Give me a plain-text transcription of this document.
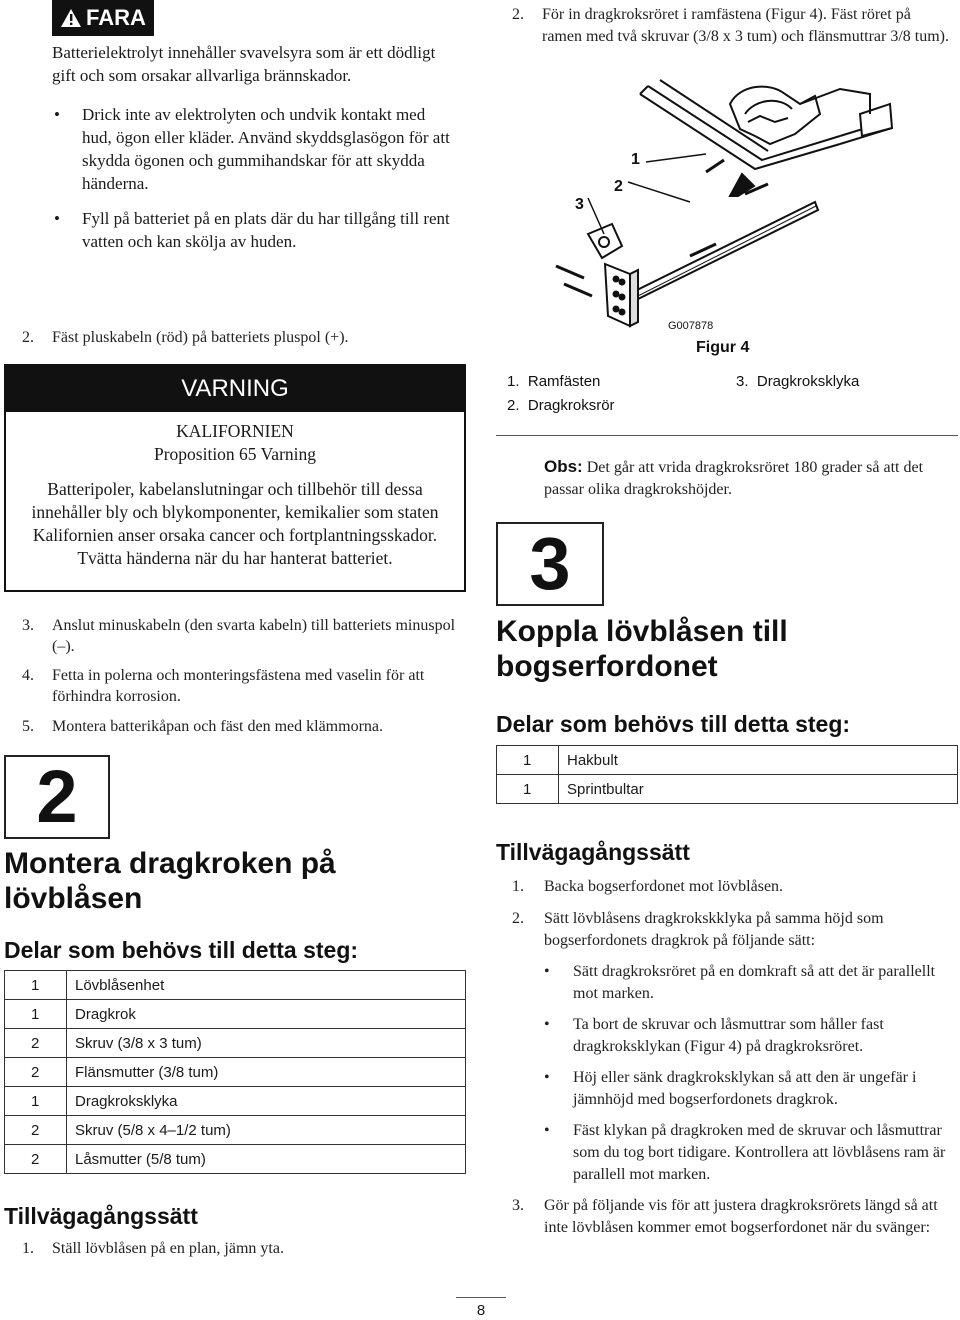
FARA

Batterielektrolyt innehåller svavelsyra som är ett dödligt gift och som orsakar allvarliga brännskador.

• Drick inte av elektrolyten och undvik kontakt med hud, ögon eller kläder. Använd skyddsglasögon för att skydda ögonen och gummihandskar för att skydda händerna.
• Fyll på batteriet på en plats där du har tillgång till rent vatten och kan skölja av huden.
2. Fäst pluskabeln (röd) på batteriets pluspol (+).
VARNING
KALIFORNIEN
Proposition 65 Varning
Batteripoler, kabelanslutningar och tillbehör till dessa innehåller bly och blykomponenter, kemikalier som staten Kalifornien anser orsaka cancer och fortplantningsskador. Tvätta händerna när du har hanterat batteriet.
3.	Anslut minuskabeln (den svarta kabeln) till batteriets minuspol (–).
4.	Fetta in polerna och monteringsfästena med vaselin för att förhindra korrosion.
5.	Montera batterikåpan och fäst den med klämmorna.
2
Montera dragkroken på lövblåsen
Delar som behövs till detta steg:
1	Lövblåsenhet
1	Dragkrok
2	Skruv (3/8 x 3 tum)
2	Flänsmutter (3/8 tum)
1	Dragkroksklyka
2	Skruv (5/8 x 4–1/2 tum)
2	Låsmutter (5/8 tum)
Tillvägagångssätt
1. Ställ lövblåsen på en plan, jämn yta.
2.	För in dragkroksröret i ramfästena (Figur 4). Fäst röret på ramen med två skruvar (3/8 x 3 tum) och flänsmuttrar 3/8 tum).
1
2
3
G007878
Figur 4
1. Ramfästen
2. Dragkroksrör
3. Dragkroksklyka
Obs: Det går att vrida dragkroksröret 180 grader så att det passar olika dragkrokshöjder.
3
Koppla lövblåsen till bogserfordonet
Delar som behövs till detta steg:
1	Hakbult
1	Sprintbultar
Tillvägagångssätt
1.	Backa bogserfordonet mot lövblåsen.
2.	Sätt lövblåsens dragkrokskklyka på samma höjd som bogserfordonets dragkrok på följande sätt:
• Sätt dragkroksröret på en domkraft så att det är parallellt mot marken.
• Ta bort de skruvar och låsmuttrar som håller fast dragkroksklykan (Figur 4) på dragkroksröret.
• Höj eller sänk dragkroksklykan så att den är ungefär i jämnhöjd med bogserfordonets dragkrok.
• Fäst klykan på dragkroken med de skruvar och låsmuttrar som du tog bort tidigare. Kontrollera att lövblåsens ram är parallell mot marken.
3.	Gör på följande vis för att justera dragkroksrörets längd så att inte lövblåsen kommer emot bogserfordonet när du svänger:
8
